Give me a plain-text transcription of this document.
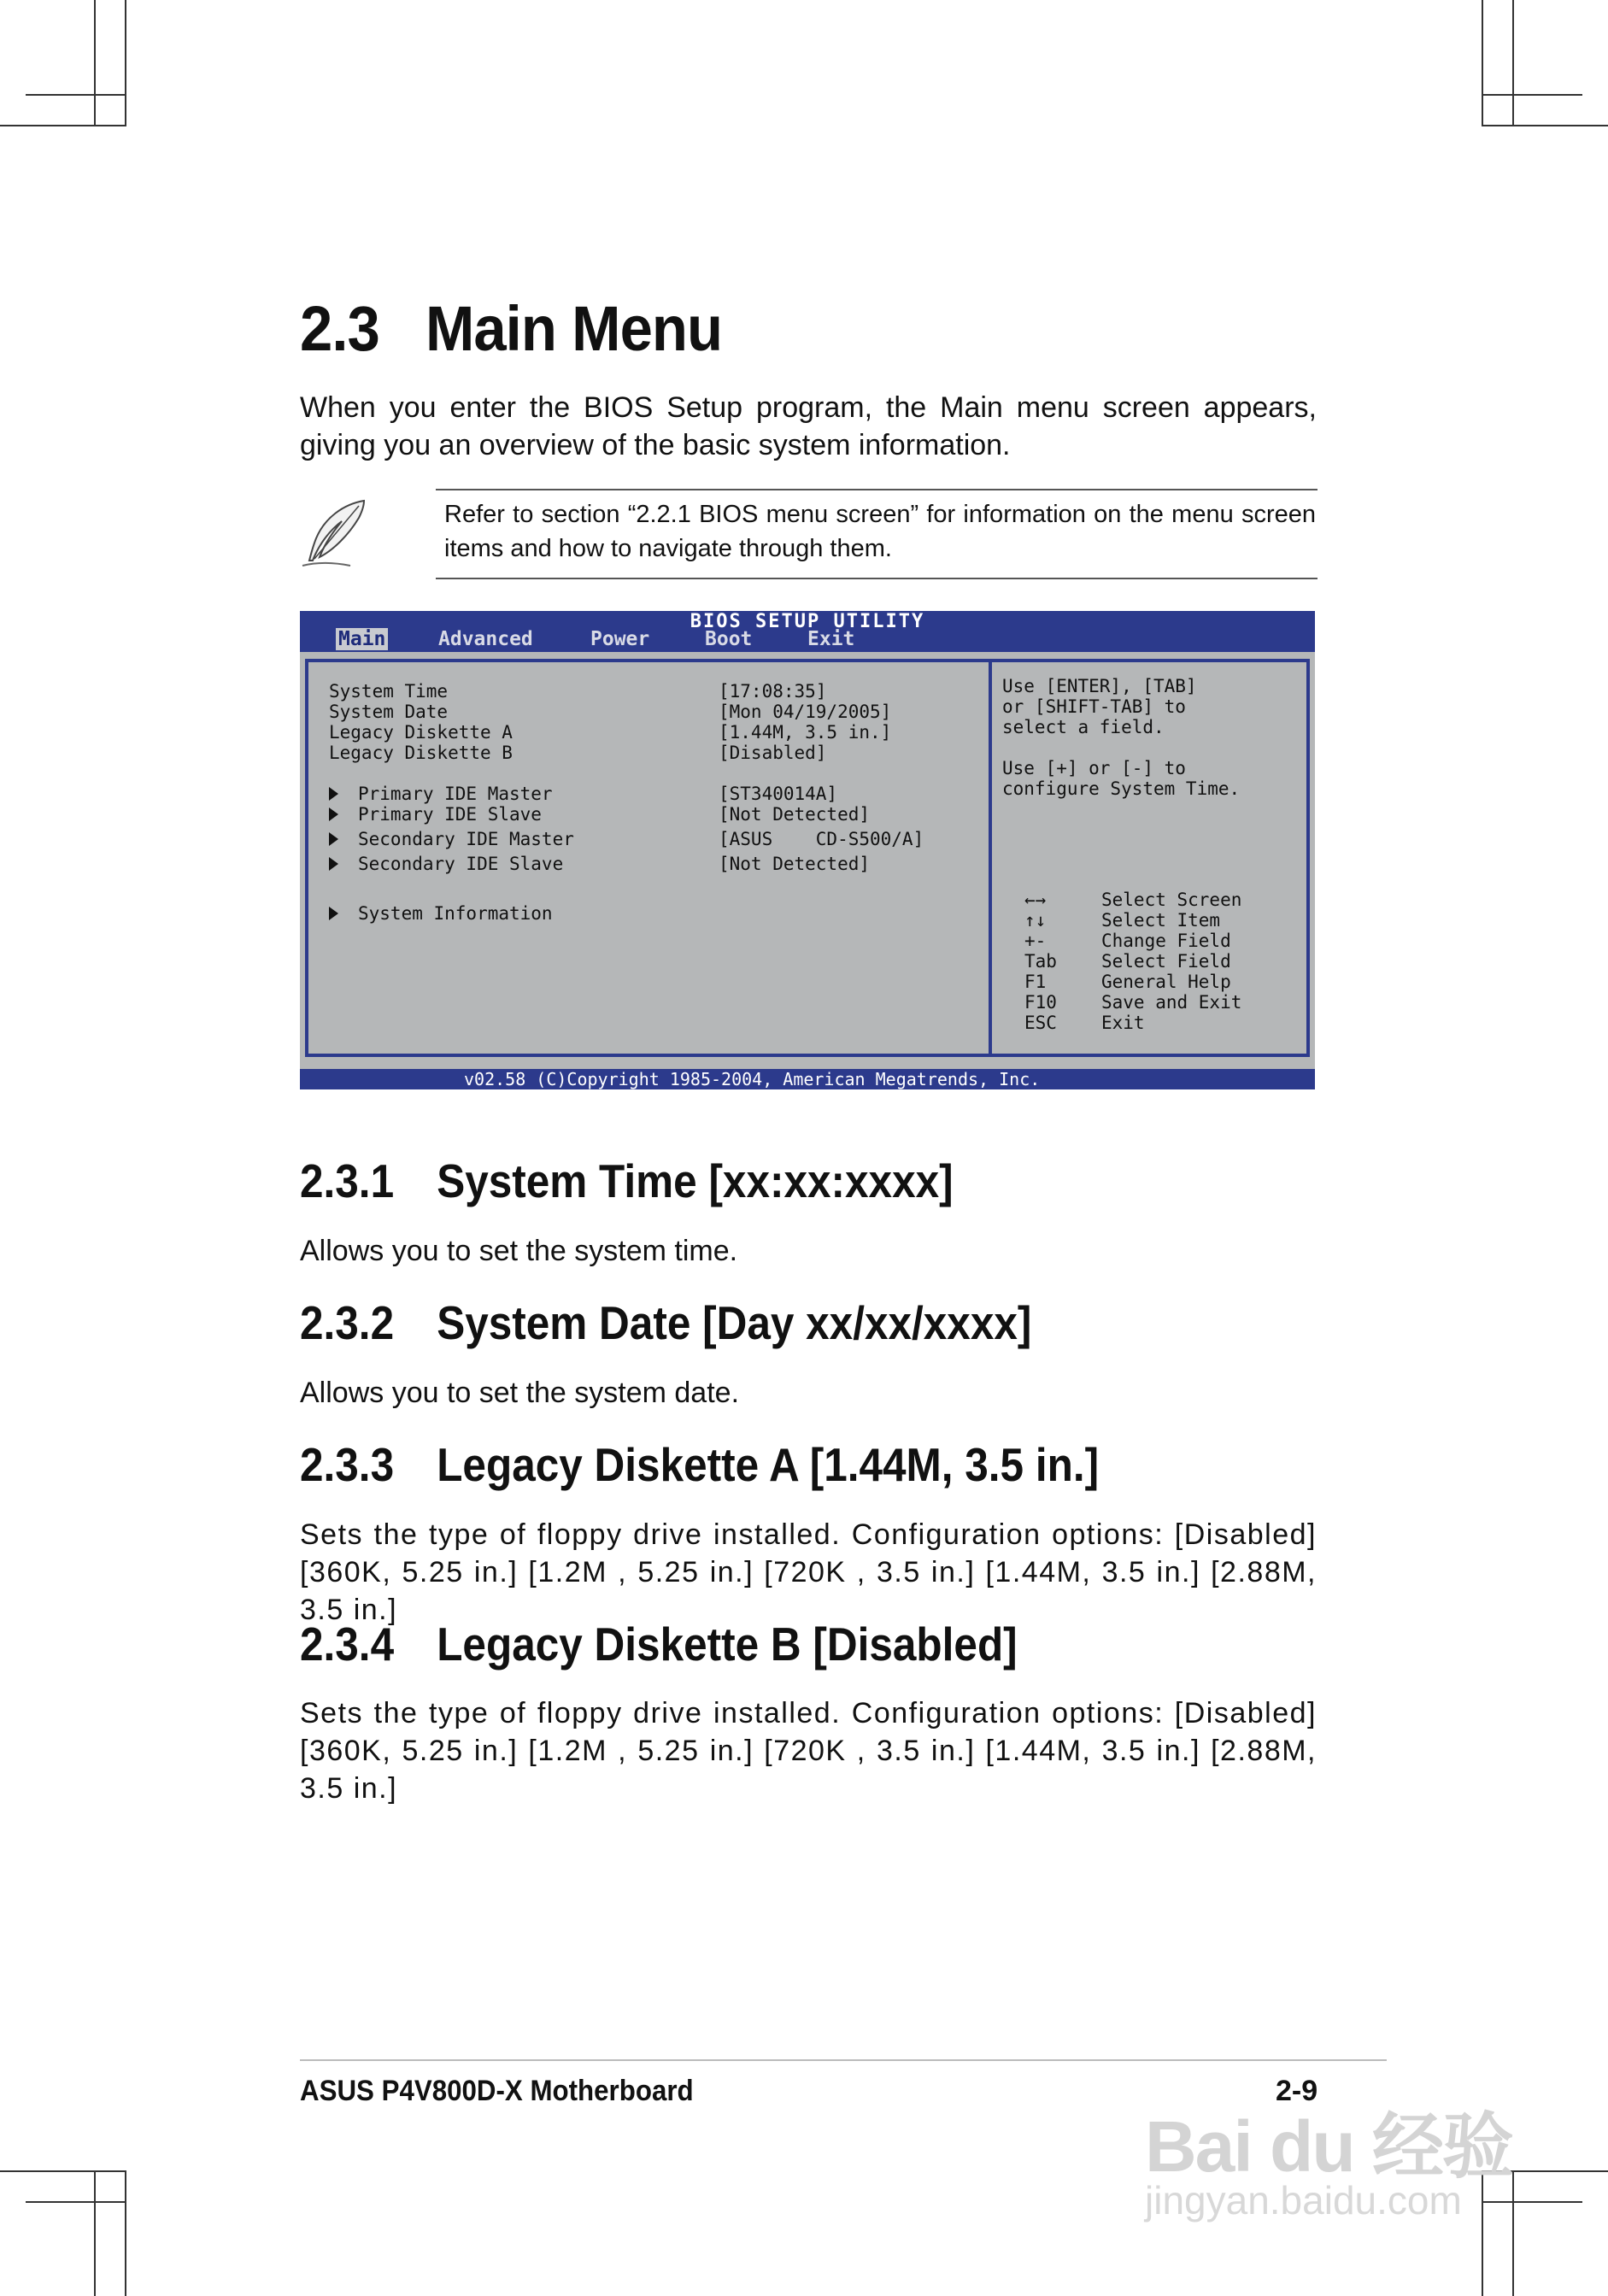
2.3 Main Menu
When you enter the BIOS Setup program, the Main menu screen appears, giving you an overview of the basic system information.
Refer to section “2.2.1 BIOS menu screen” for information on the menu screen items and how to navigate through them.
BIOS SETUP UTILITY
Main	Advanced	Power	Boot	Exit
System Time	[17:08:35]
System Date	[Mon 04/19/2005]
Legacy Diskette A	[1.44M, 3.5 in.]
Legacy Diskette B	[Disabled]
Primary IDE Master	[ST340014A]
Primary IDE Slave	[Not Detected]
Secondary IDE Master	[ASUS    CD-S500/A]
Secondary IDE Slave	[Not Detected]
System Information
Use [ENTER], [TAB]
or [SHIFT-TAB] to
select a field.
Use [+] or [-] to
configure System Time.
←→	Select Screen
↑↓	Select Item
+-	Change Field
Tab Select Field
F1	General Help
F10 Save and Exit
ESC Exit
v02.58 (C)Copyright 1985-2004, American Megatrends, Inc.
2.3.1 System Time [xx:xx:xxxx]
Allows you to set the system time.
2.3.2 System Date [Day xx/xx/xxxx]
Allows you to set the system date.
2.3.3 Legacy Diskette A [1.44M, 3.5 in.]
Sets the type of floppy drive installed. Configuration options: [Disabled] [360K, 5.25 in.] [1.2M , 5.25 in.] [720K , 3.5 in.] [1.44M, 3.5 in.] [2.88M, 3.5 in.]
2.3.4 Legacy Diskette B [Disabled]
Sets the type of floppy drive installed. Configuration options: [Disabled] [360K, 5.25 in.] [1.2M , 5.25 in.] [720K , 3.5 in.] [1.44M, 3.5 in.] [2.88M, 3.5 in.]
ASUS P4V800D-X Motherboard	2-9
Bai du 经验
jingyan.baidu.com
